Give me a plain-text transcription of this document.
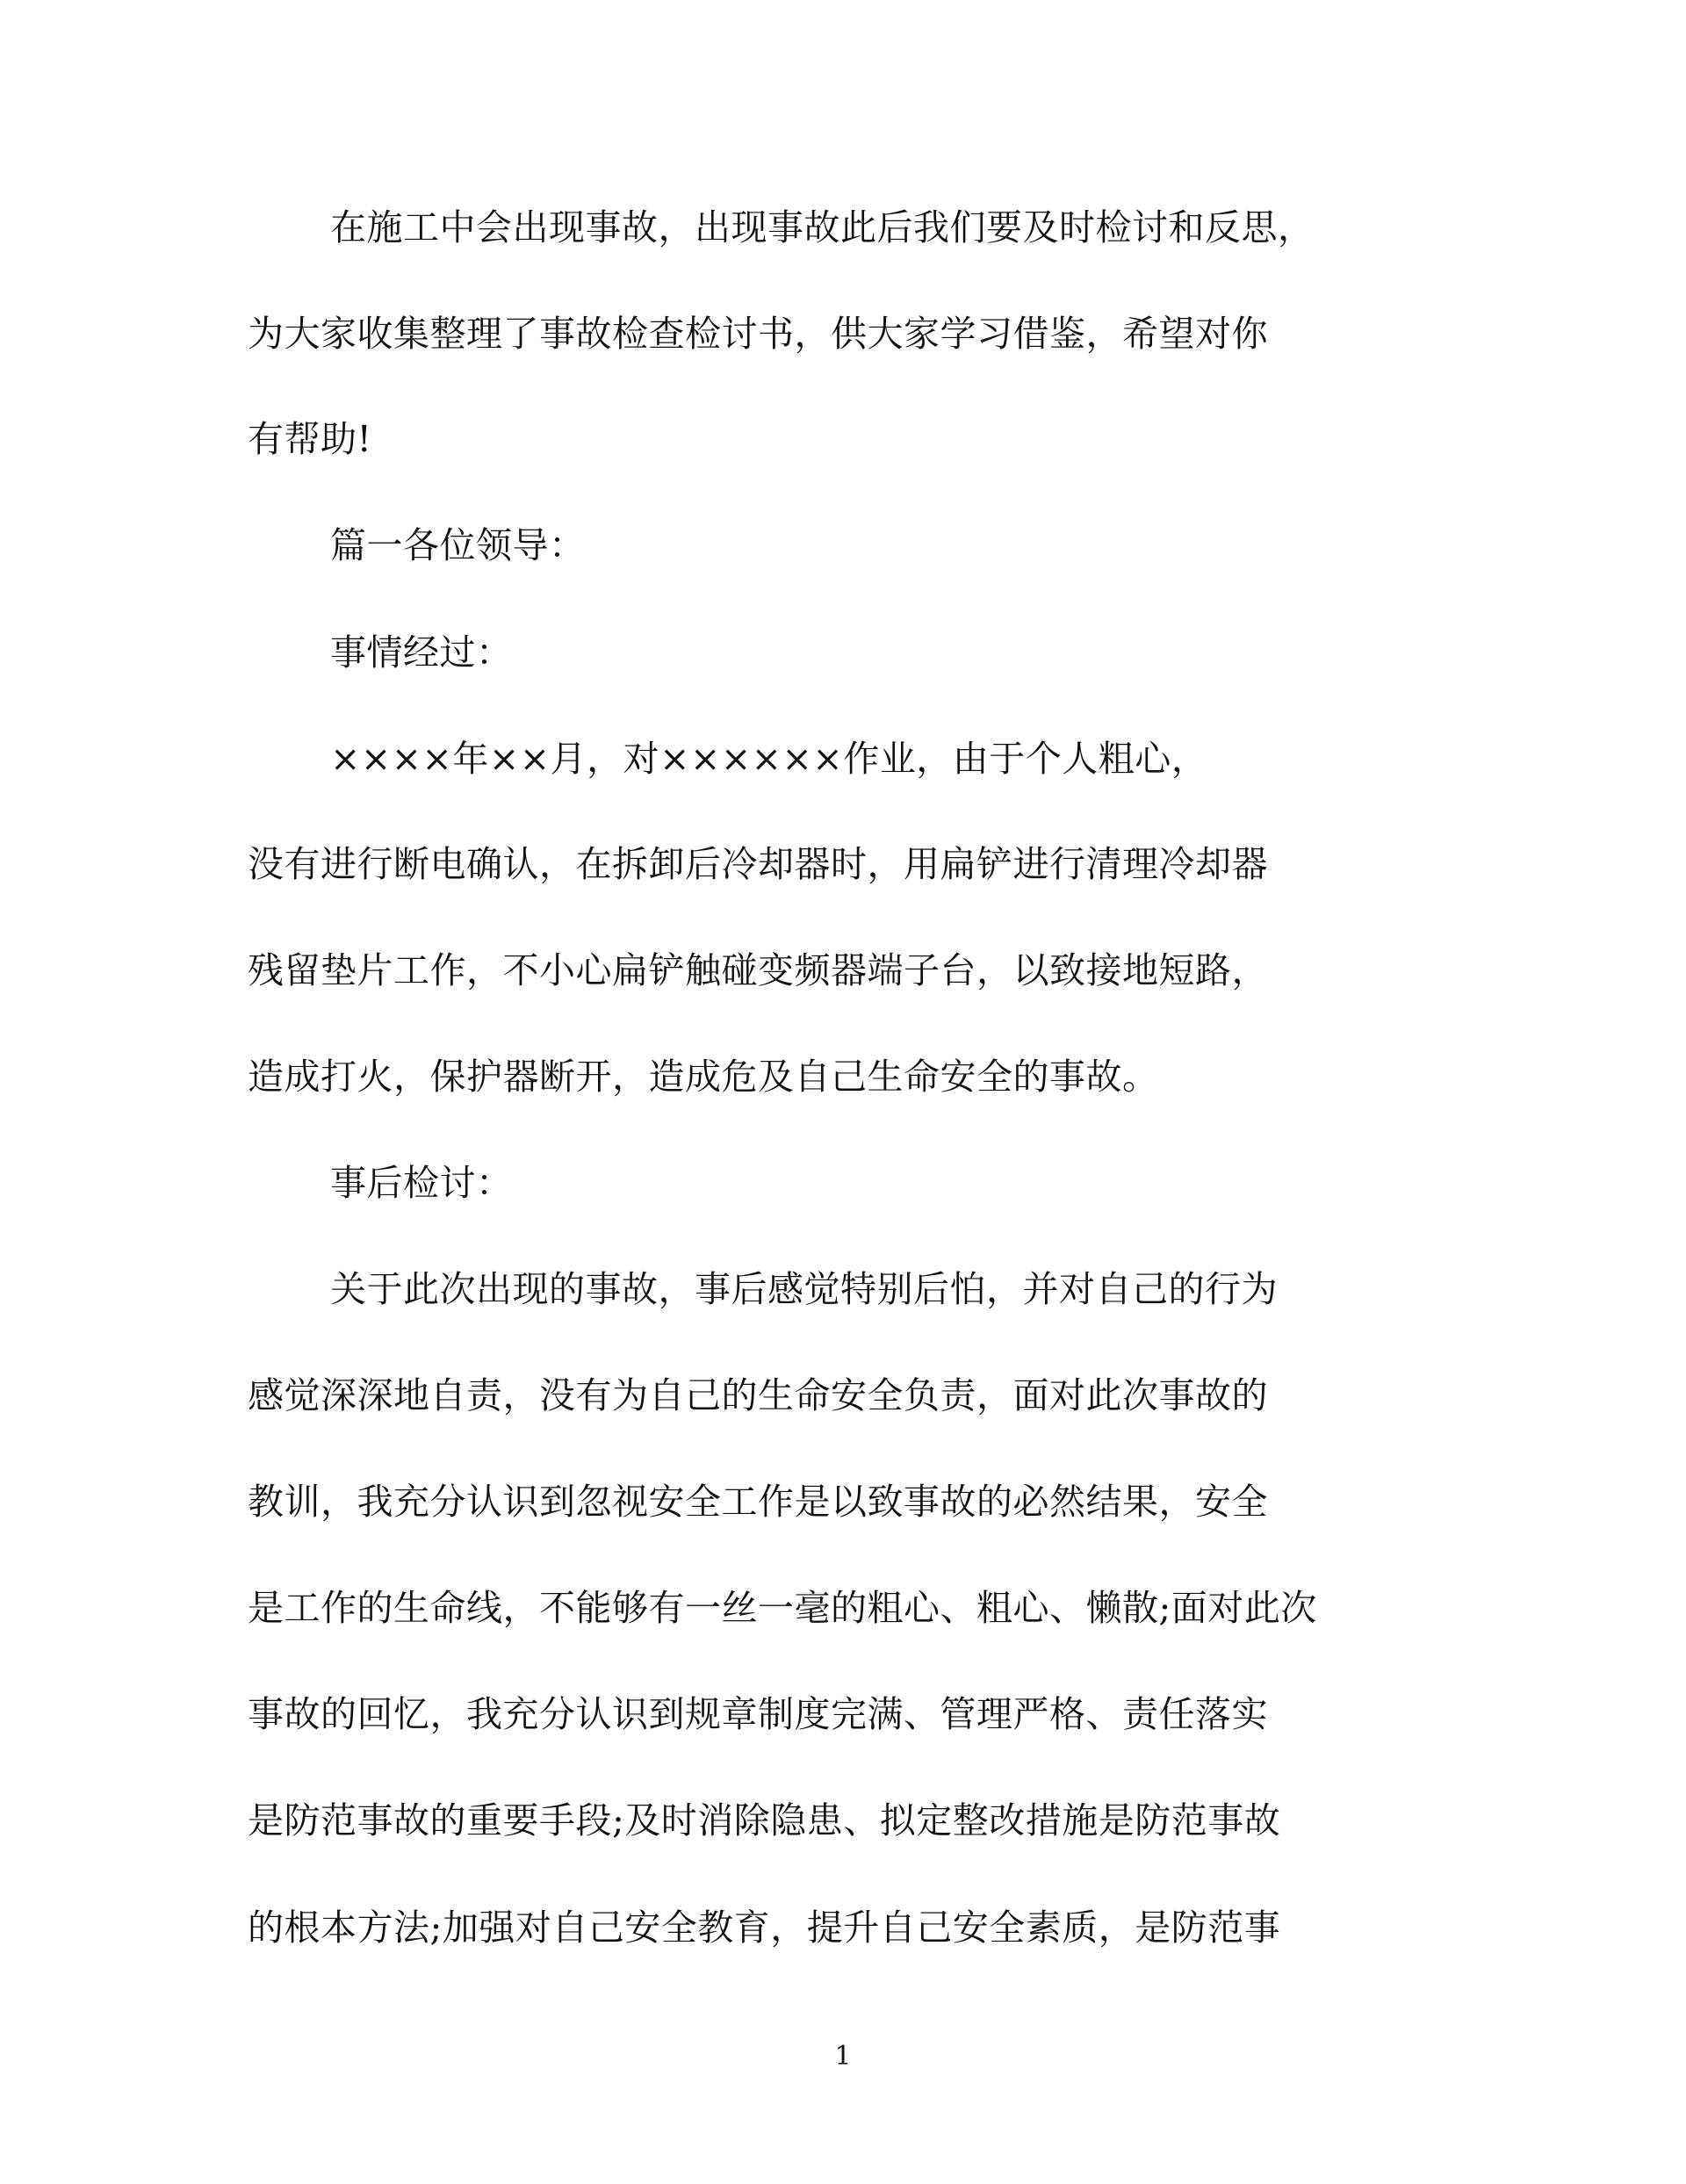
在施工中会出现事故，出现事故此后我们要及时检讨和反思，
为大家收集整理了事故检查检讨书，供大家学习借鉴，希望对你
有帮助!
篇一各位领导：
事情经过：
××××年××月，对××××××作业，由于个人粗心，
没有进行断电确认，在拆卸后冷却器时，用扁铲进行清理冷却器
残留垫片工作，不小心扁铲触碰变频器端子台，以致接地短路，
造成打火，保护器断开，造成危及自己生命安全的事故。
事后检讨：
关于此次出现的事故，事后感觉特别后怕，并对自己的行为
感觉深深地自责，没有为自己的生命安全负责，面对此次事故的
教训，我充分认识到忽视安全工作是以致事故的必然结果，安全
是工作的生命线，不能够有一丝一毫的粗心、粗心、懒散;面对此次
事故的回忆，我充分认识到规章制度完满、管理严格、责任落实
是防范事故的重要手段;及时消除隐患、拟定整改措施是防范事故
的根本方法;加强对自己安全教育，提升自己安全素质，是防范事
1
